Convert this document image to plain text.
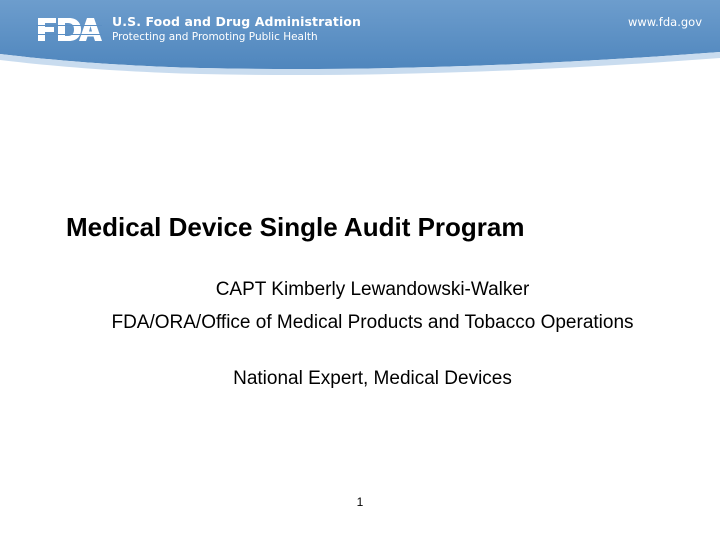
U.S. Food and Drug Administration
Protecting and Promoting Public Health
www.fda.gov
Medical Device Single Audit Program
CAPT Kimberly Lewandowski-Walker
FDA/ORA/Office of Medical Products and Tobacco Operations
National Expert, Medical Devices
1
